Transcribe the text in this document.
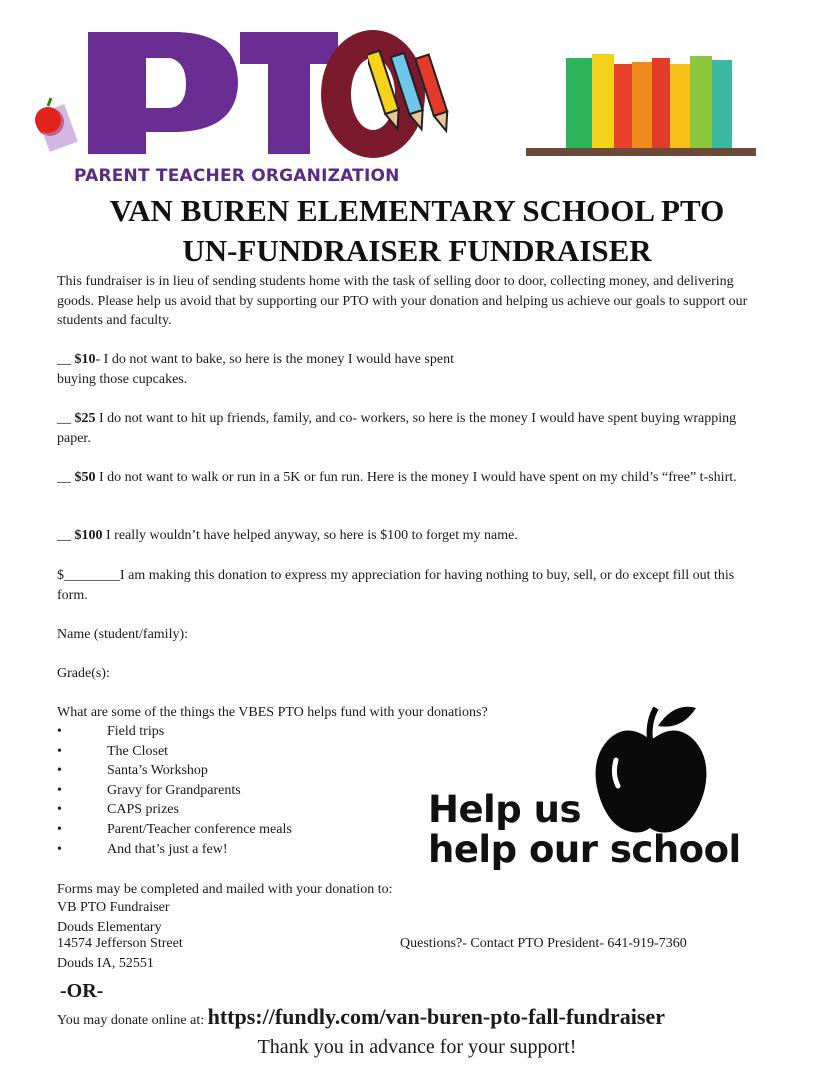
PARENT TEACHER ORGANIZATION
VAN BUREN ELEMENTARY SCHOOL PTO
UN-FUNDRAISER FUNDRAISER
This fundraiser is in lieu of sending students home with the task of selling door to door, collecting money, and delivering goods. Please help us avoid that by supporting our PTO with your donation and helping us achieve our goals to support our students and faculty.
__ $10- I do not want to bake, so here is the money I would have spent
buying those cupcakes.
__ $25 I do not want to hit up friends, family, and co- workers, so here is the money I would have spent buying wrapping paper.
__ $50 I do not want to walk or run in a 5K or fun run. Here is the money I would have spent on my child’s “free” t-shirt.
__ $100 I really wouldn’t have helped anyway, so here is $100 to forget my name.
$________I am making this donation to express my appreciation for having nothing to buy, sell, or do except fill out this form.
Name (student/family):
Grade(s):
What are some of the things the VBES PTO helps fund with your donations?
•	Field trips
•	The Closet
•	Santa’s Workshop
•	Gravy for Grandparents
•	CAPS prizes
•	Parent/Teacher conference meals
•	And that’s just a few!
Help us
help our school
Forms may be completed and mailed with your donation to:
VB PTO Fundraiser
Douds Elementary
14574 Jefferson Street
Douds IA, 52551
Questions?- Contact PTO President- 641-919-7360
-OR-
You may donate online at: https://fundly.com/van-buren-pto-fall-fundraiser
Thank you in advance for your support!
